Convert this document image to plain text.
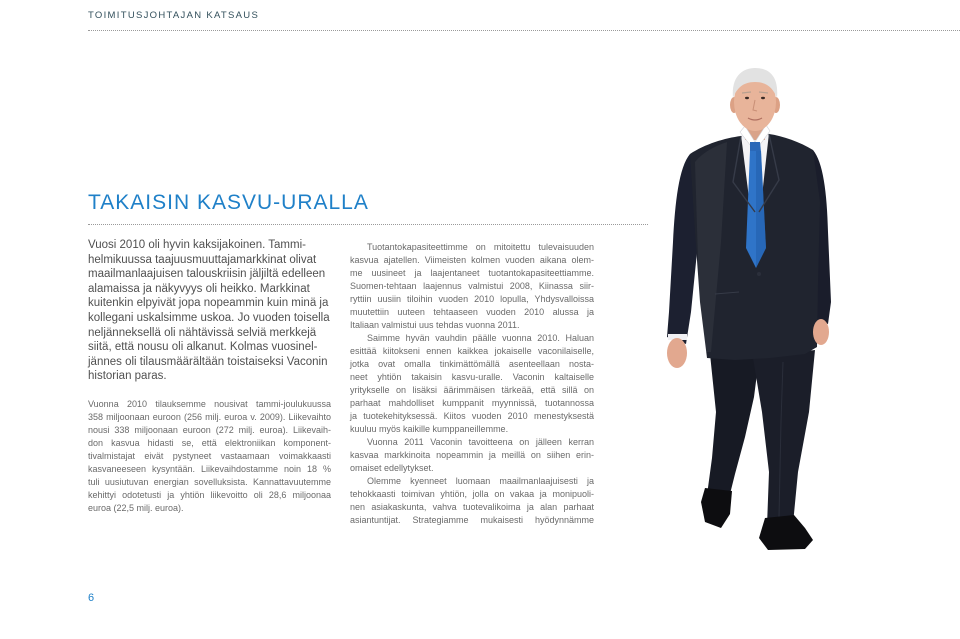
TOIMITUSJOHTAJAN KATSAUS
TAKAISIN KASVU-URALLA
Vuosi 2010 oli hyvin kaksijakoinen. Tammi-
helmikuussa taajuusmuuttajamarkkinat olivat
maailmanlaajuisen talouskriisin jäljiltä edelleen
alamaissa ja näkyvyys oli heikko. Markkinat
kuitenkin elpyivät jopa nopeammin kuin minä ja
kollegani uskalsimme uskoa. Jo vuoden toisella
neljänneksellä oli nähtävissä selviä merkkejä
siitä, että nousu oli alkanut. Kolmas vuosinel-
jännes oli tilausmäärältään toistaiseksi Vaconin
historian paras.
Vuonna 2010 tilauksemme nousivat tammi-joulukuussa
358 miljoonaan euroon (256 milj. euroa v. 2009). Liikevaihto
nousi 338 miljoonaan euroon (272 milj. euroa). Liikevaih-
don kasvua hidasti se, että elektroniikan komponent-
tivalmistajat eivät pystyneet vastaamaan voimakkaasti
kasvaneeseen kysyntään. Liikevaihdostamme noin 18 %
tuli uusiutuvan energian sovelluksista. Kannattavuutemme
kehittyi odotetusti ja yhtiön liikevoitto oli 28,6 miljoonaa
euroa (22,5 milj. euroa).
Tuotantokapasiteettimme on mitoitettu tulevaisuuden
kasvua ajatellen. Viimeisten kolmen vuoden aikana olem-
me uusineet ja laajentaneet tuotantokapasiteettiamme.
Suomen-tehtaan laajennus valmistui 2008, Kiinassa siir-
ryttiin uusiin tiloihin vuoden 2010 lopulla, Yhdysvalloissa
muutettiin uuteen tehtaaseen vuoden 2010 alussa ja
Italiaan valmistui uus tehdas vuonna 2011.
Saimme hyvän vauhdin päälle vuonna 2010. Haluan
esittää kiitokseni ennen kaikkea jokaiselle vaconilaiselle,
jotka ovat omalla tinkimättömällä asenteellaan nosta-
neet yhtiön takaisin kasvu-uralle. Vaconin kaltaiselle
yritykselle on lisäksi äärimmäisen tärkeää, että sillä on
parhaat mahdolliset kumppanit myynnissä, tuotannossa
ja tuotekehityksessä. Kiitos vuoden 2010 menestyksestä
kuuluu myös kaikille kumppaneillemme.
Vuonna 2011 Vaconin tavoitteena on jälleen kerran
kasvaa markkinoita nopeammin ja meillä on siihen erin-
omaiset edellytykset.
Olemme kyenneet luomaan maailmanlaajuisesti ja
tehokkaasti toimivan yhtiön, jolla on vakaa ja monipuoli-
nen asiakaskunta, vahva tuotevalikoima ja alan parhaat
asiantuntijat. Strategiamme mukaisesti hyödynnämme
6
